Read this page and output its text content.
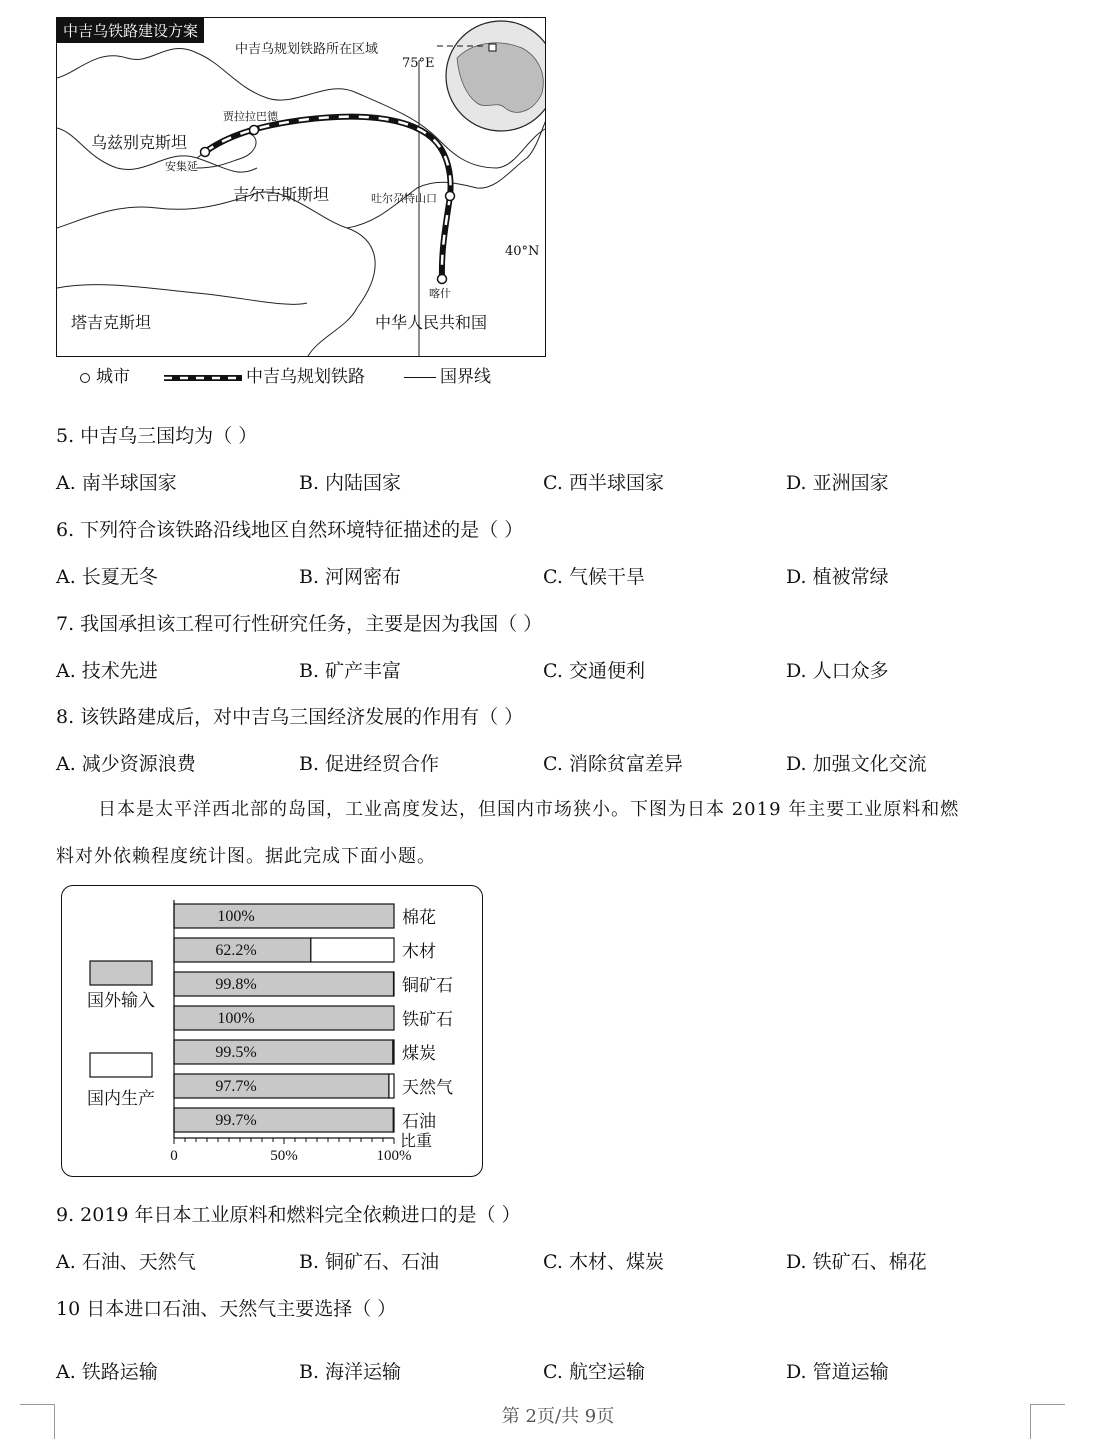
中吉乌铁路建设方案
中吉乌规划铁路所在区域
75°E
40°N
乌兹别克斯坦
吉尔吉斯斯坦
塔吉克斯坦	中华人民共和国
贾拉拉巴德
安集延
吐尔尕特山口
喀什
城市	中吉乌规划铁路	国界线
5. 中吉乌三国均为（ ）
A. 南半球国家	B. 内陆国家	C. 西半球国家	D. 亚洲国家
6. 下列符合该铁路沿线地区自然环境特征描述的是（ ）
A. 长夏无冬	B. 河网密布	C. 气候干旱	D. 植被常绿
7. 我国承担该工程可行性研究任务，主要是因为我国（ ）
A. 技术先进	B. 矿产丰富	C. 交通便利	D. 人口众多
8. 该铁路建成后，对中吉乌三国经济发展的作用有（ ）
A. 减少资源浪费	B. 促进经贸合作	C. 消除贫富差异	D. 加强文化交流
日本是太平洋西北部的岛国，工业高度发达，但国内市场狭小。下图为日本 2019 年主要工业原料和燃
料对外依赖程度统计图。据此完成下面小题。
100%	棉花
62.2%	木材
99.8%	铜矿石
100%	铁矿石
99.5%	煤炭
97.7%	天然气
99.7%	石油
0	50%	100%
比重
国外输入
国内生产
9. 2019 年日本工业原料和燃料完全依赖进口的是（ ）
A. 石油、天然气	B. 铜矿石、石油	C. 木材、煤炭	D. 铁矿石、棉花
10 日本进口石油、天然气主要选择（ ）
A. 铁路运输	B. 海洋运输	C. 航空运输	D. 管道运输
第 2页/共 9页
